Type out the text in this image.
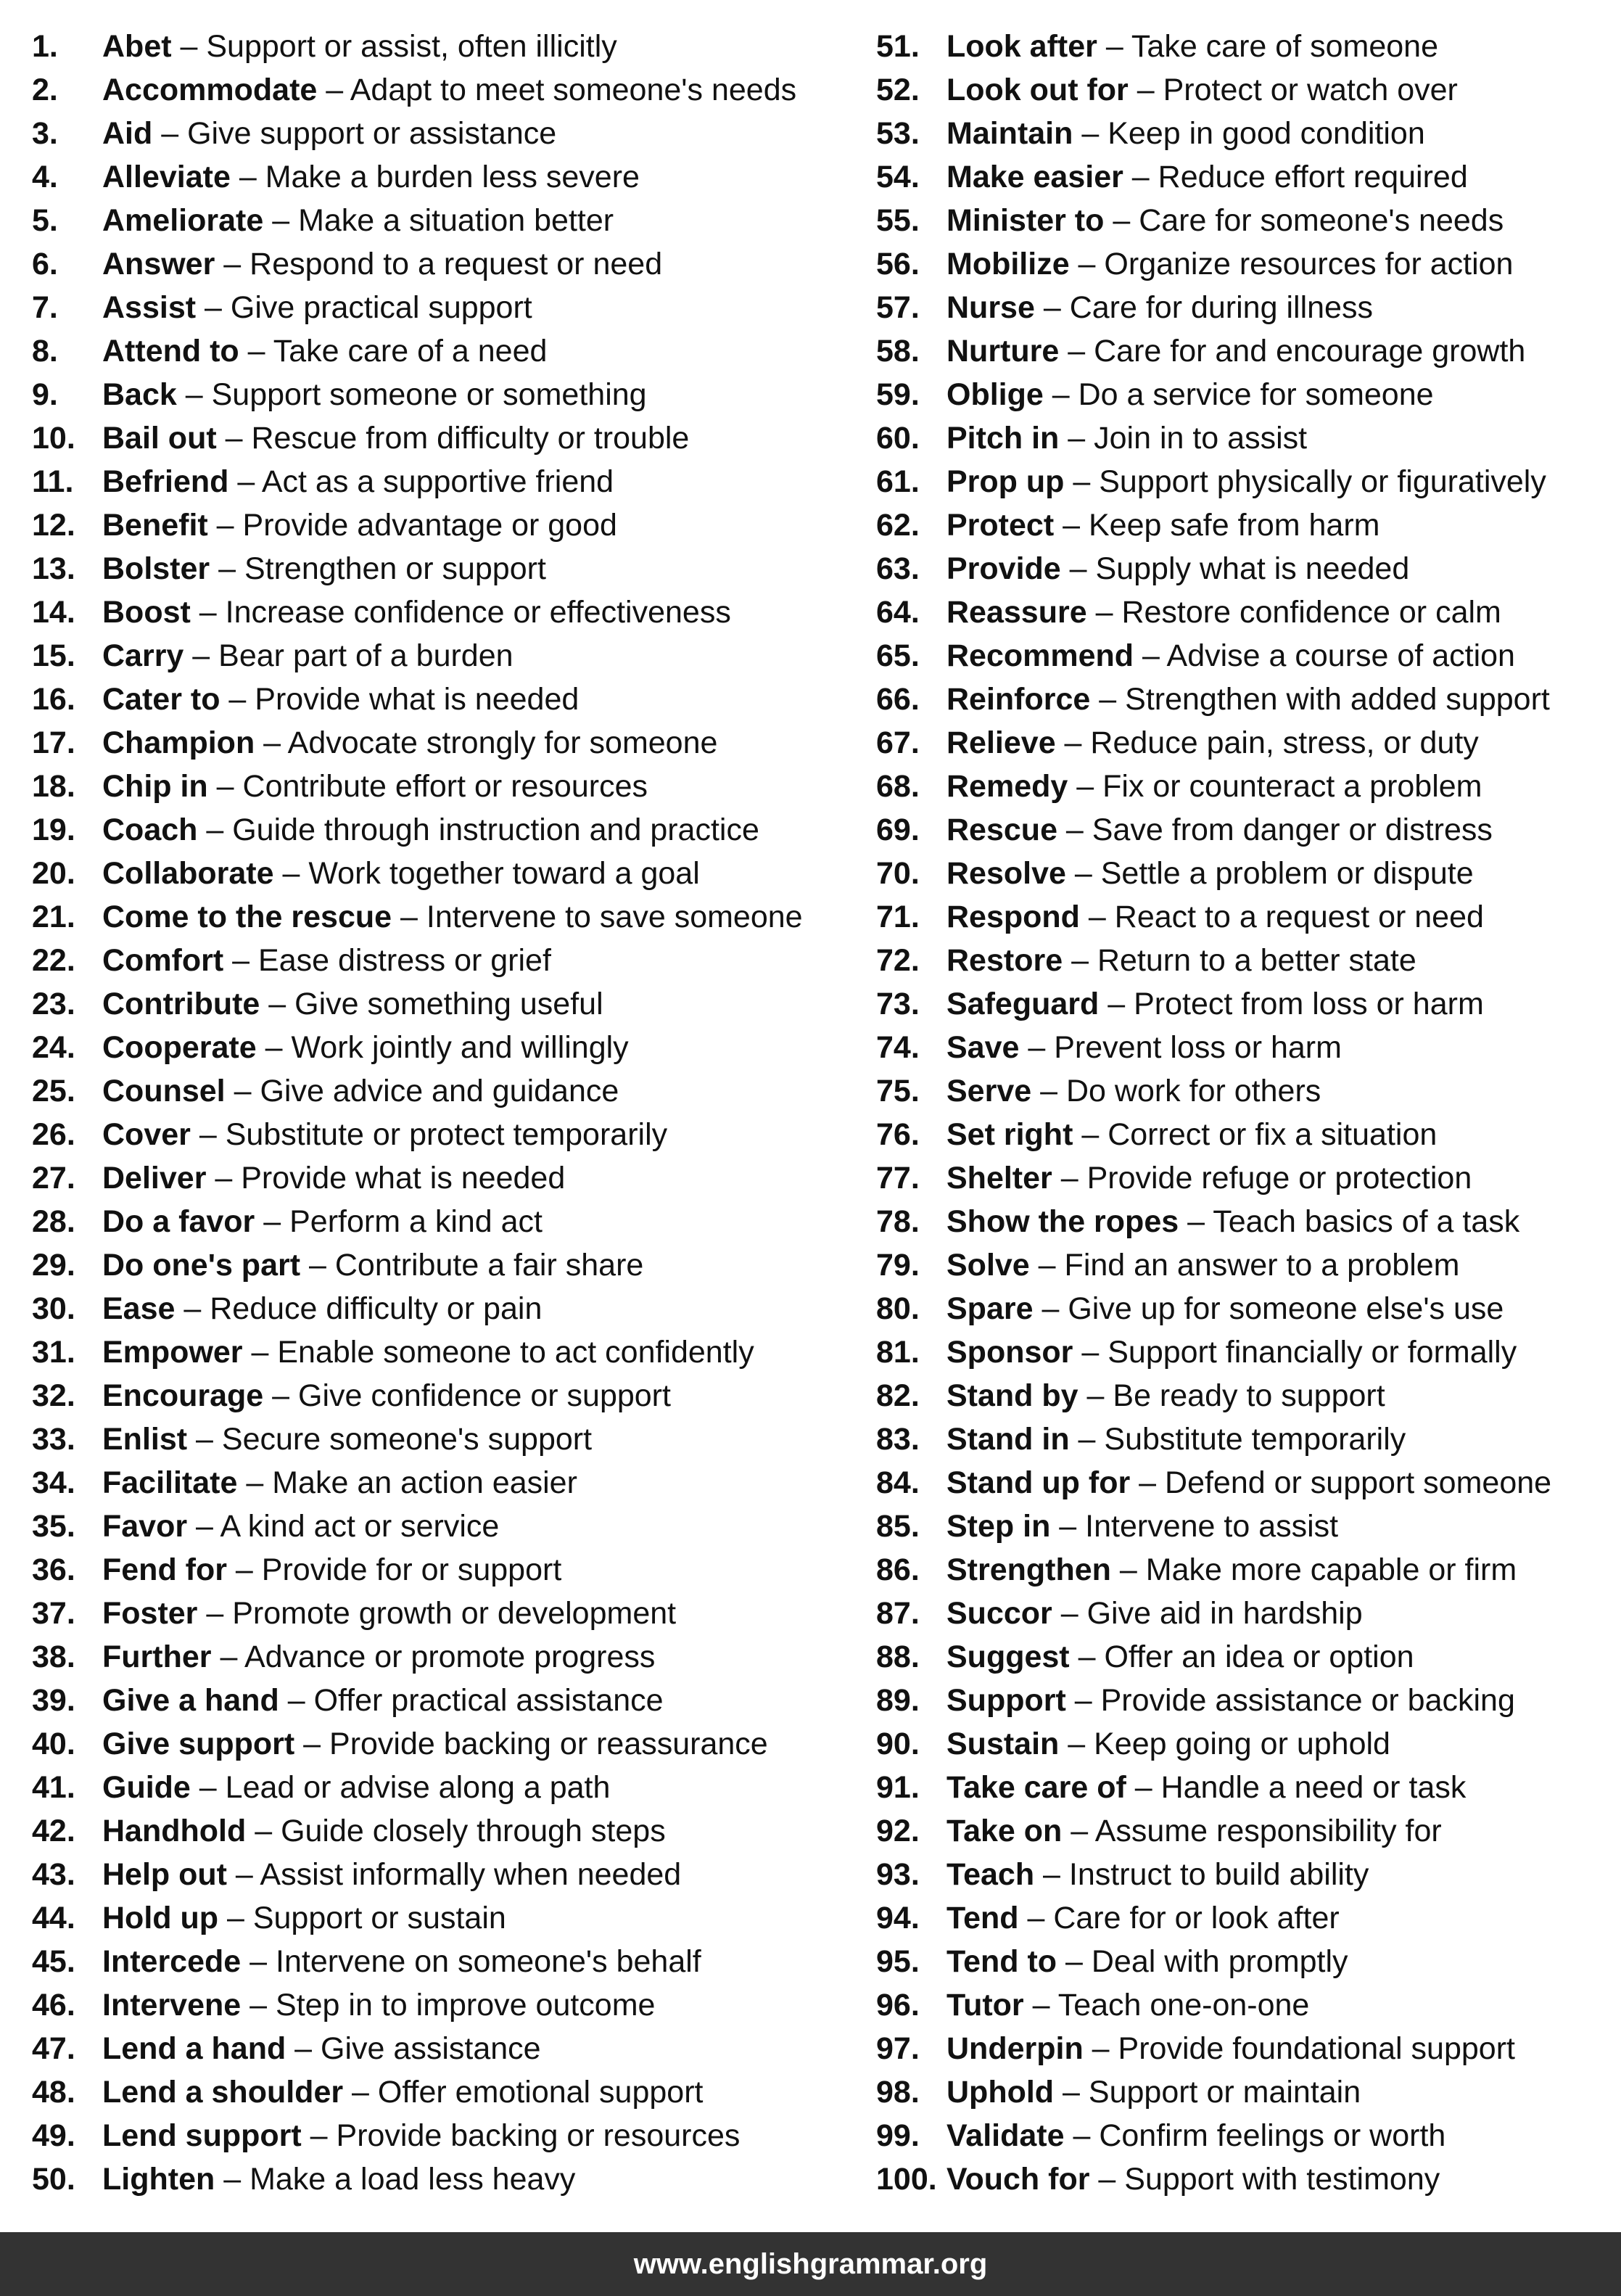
1. Abet – Support or assist, often illicitly
2. Accommodate – Adapt to meet someone's needs
3. Aid – Give support or assistance
4. Alleviate – Make a burden less severe
5. Ameliorate – Make a situation better
6. Answer – Respond to a request or need
7. Assist – Give practical support
8. Attend to – Take care of a need
9. Back – Support someone or something
10. Bail out – Rescue from difficulty or trouble
11. Befriend – Act as a supportive friend
12. Benefit – Provide advantage or good
13. Bolster – Strengthen or support
14. Boost – Increase confidence or effectiveness
15. Carry – Bear part of a burden
16. Cater to – Provide what is needed
17. Champion – Advocate strongly for someone
18. Chip in – Contribute effort or resources
19. Coach – Guide through instruction and practice
20. Collaborate – Work together toward a goal
21. Come to the rescue – Intervene to save someone
22. Comfort – Ease distress or grief
23. Contribute – Give something useful
24. Cooperate – Work jointly and willingly
25. Counsel – Give advice and guidance
26. Cover – Substitute or protect temporarily
27. Deliver – Provide what is needed
28. Do a favor – Perform a kind act
29. Do one's part – Contribute a fair share
30. Ease – Reduce difficulty or pain
31. Empower – Enable someone to act confidently
32. Encourage – Give confidence or support
33. Enlist – Secure someone's support
34. Facilitate – Make an action easier
35. Favor – A kind act or service
36. Fend for – Provide for or support
37. Foster – Promote growth or development
38. Further – Advance or promote progress
39. Give a hand – Offer practical assistance
40. Give support – Provide backing or reassurance
41. Guide – Lead or advise along a path
42. Handhold – Guide closely through steps
43. Help out – Assist informally when needed
44. Hold up – Support or sustain
45. Intercede – Intervene on someone's behalf
46. Intervene – Step in to improve outcome
47. Lend a hand – Give assistance
48. Lend a shoulder – Offer emotional support
49. Lend support – Provide backing or resources
50. Lighten – Make a load less heavy
51. Look after – Take care of someone
52. Look out for – Protect or watch over
53. Maintain – Keep in good condition
54. Make easier – Reduce effort required
55. Minister to – Care for someone's needs
56. Mobilize – Organize resources for action
57. Nurse – Care for during illness
58. Nurture – Care for and encourage growth
59. Oblige – Do a service for someone
60. Pitch in – Join in to assist
61. Prop up – Support physically or figuratively
62. Protect – Keep safe from harm
63. Provide – Supply what is needed
64. Reassure – Restore confidence or calm
65. Recommend – Advise a course of action
66. Reinforce – Strengthen with added support
67. Relieve – Reduce pain, stress, or duty
68. Remedy – Fix or counteract a problem
69. Rescue – Save from danger or distress
70. Resolve – Settle a problem or dispute
71. Respond – React to a request or need
72. Restore – Return to a better state
73. Safeguard – Protect from loss or harm
74. Save – Prevent loss or harm
75. Serve – Do work for others
76. Set right – Correct or fix a situation
77. Shelter – Provide refuge or protection
78. Show the ropes – Teach basics of a task
79. Solve – Find an answer to a problem
80. Spare – Give up for someone else's use
81. Sponsor – Support financially or formally
82. Stand by – Be ready to support
83. Stand in – Substitute temporarily
84. Stand up for – Defend or support someone
85. Step in – Intervene to assist
86. Strengthen – Make more capable or firm
87. Succor – Give aid in hardship
88. Suggest – Offer an idea or option
89. Support – Provide assistance or backing
90. Sustain – Keep going or uphold
91. Take care of – Handle a need or task
92. Take on – Assume responsibility for
93. Teach – Instruct to build ability
94. Tend – Care for or look after
95. Tend to – Deal with promptly
96. Tutor – Teach one-on-one
97. Underpin – Provide foundational support
98. Uphold – Support or maintain
99. Validate – Confirm feelings or worth
100. Vouch for – Support with testimony
www.englishgrammar.org
